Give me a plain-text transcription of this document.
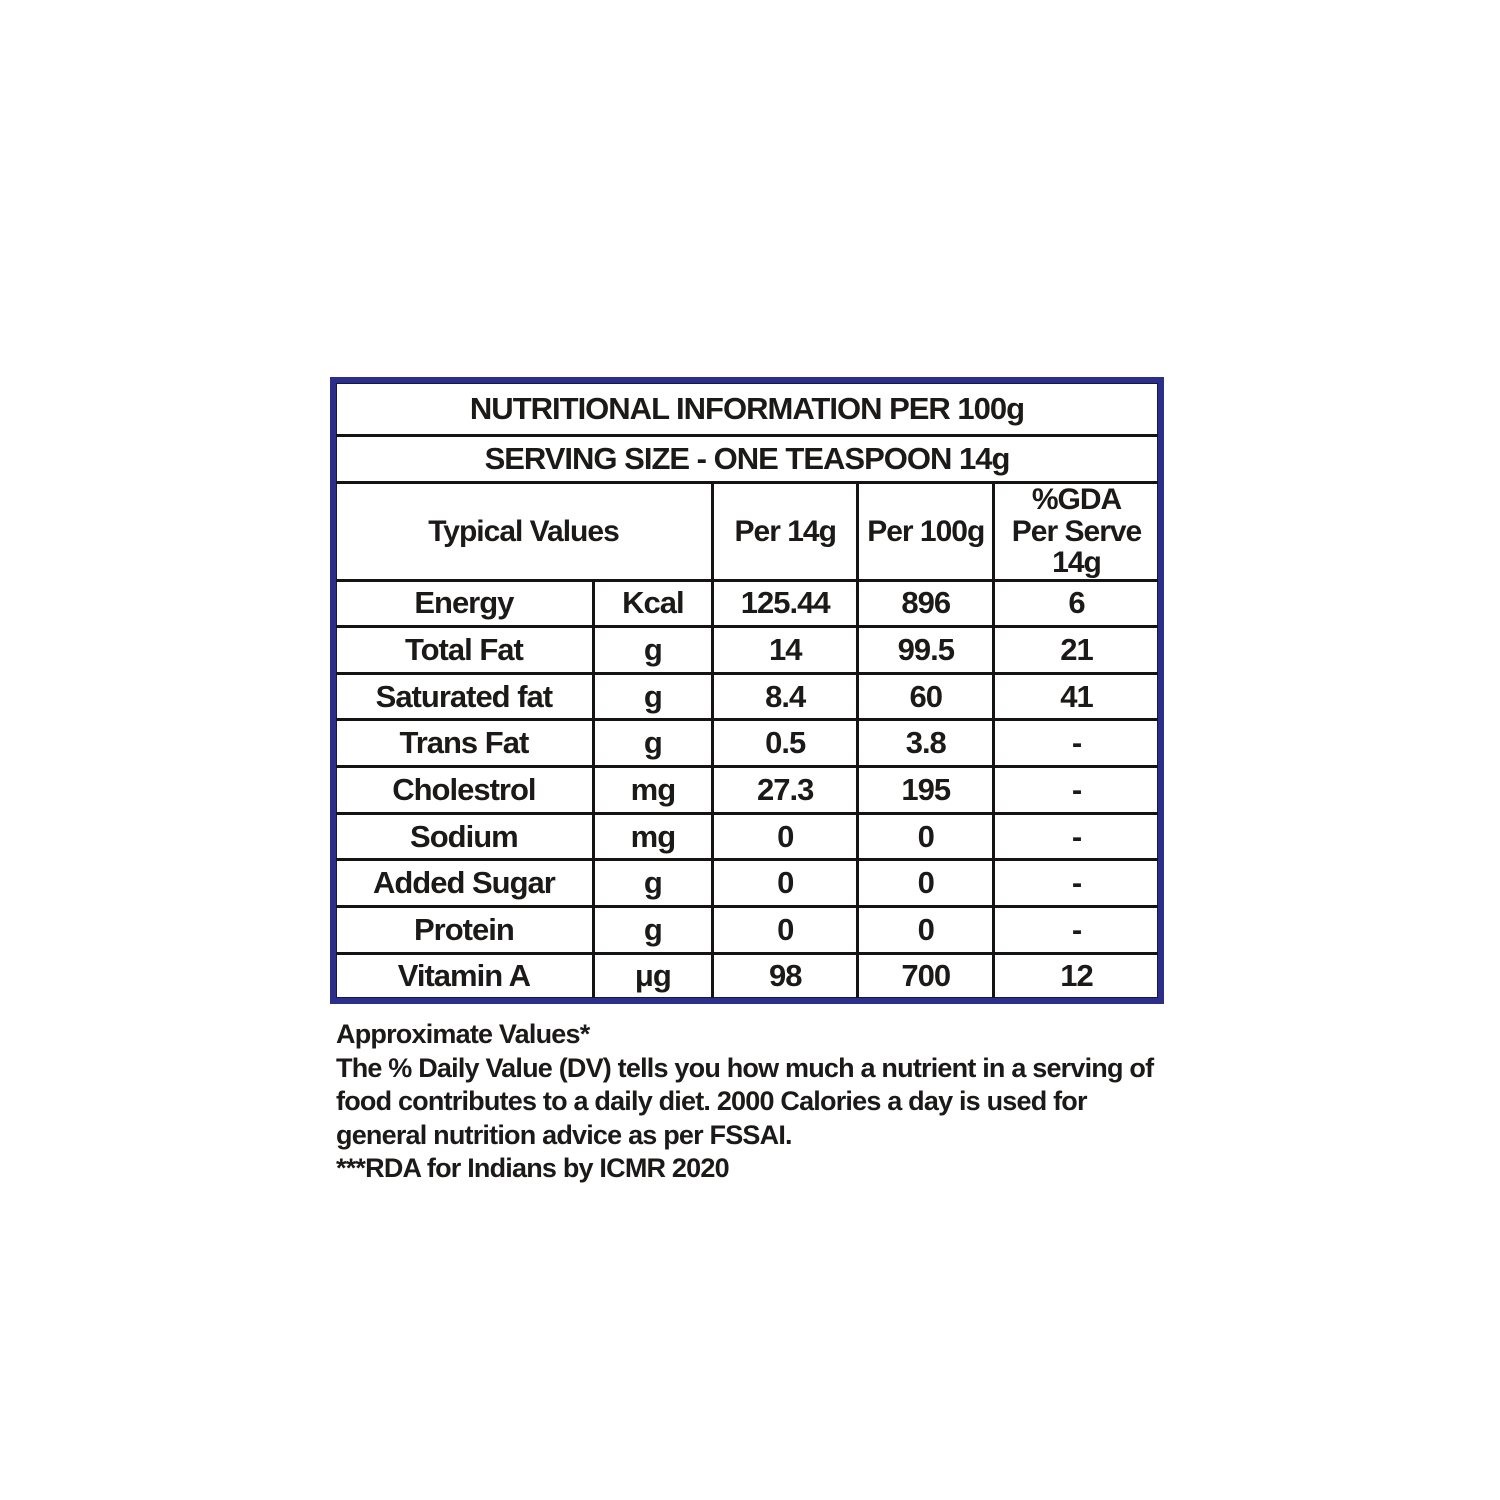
NUTRITIONAL INFORMATION PER 100g				
SERVING SIZE - ONE TEASPOON 14g				
Typical Values		Per 14g	Per 100g	%GDA Per Serve 14g
Energy	Kcal	125.44	896	6
Total Fat	g	14	99.5	21
Saturated fat	g	8.4	60	41
Trans Fat	g	0.5	3.8	-
Cholestrol	mg	27.3	195	-
Sodium	mg	0	0	-
Added Sugar	g	0	0	-
Protein	g	0	0	-
Vitamin A	μg	98	700	12
Approximate Values*
The % Daily Value (DV) tells you how much a nutrient in a serving of
food contributes to a daily diet. 2000 Calories a day is used for
general nutrition advice as per FSSAI.
***RDA for Indians by ICMR 2020
